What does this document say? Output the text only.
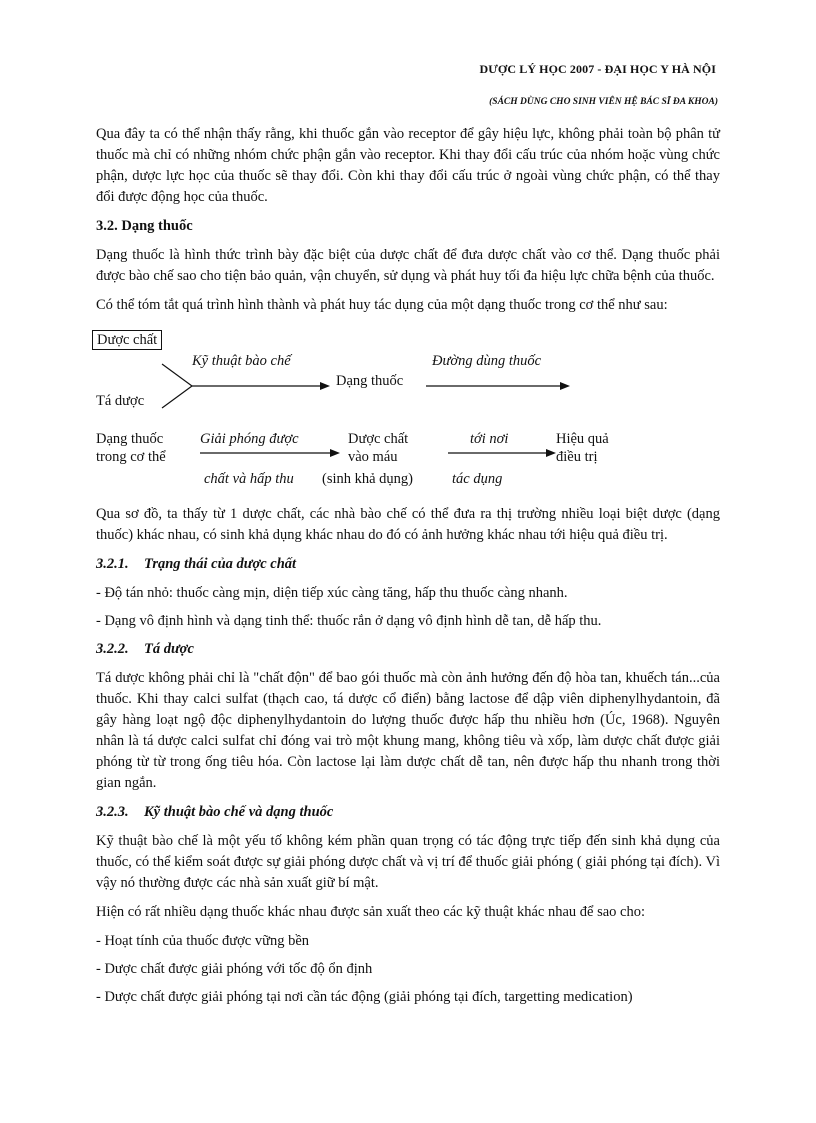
DƯỢC LÝ HỌC 2007 - ĐẠI HỌC Y HÀ NỘI
(SÁCH DÙNG CHO SINH VIÊN HỆ BÁC SĨ ĐA KHOA)

Qua đây ta có thể nhận thấy rằng, khi thuốc gắn vào receptor để gây hiệu lực, không phải toàn bộ phân tử thuốc mà chỉ có những nhóm chức phận gắn vào receptor. Khi thay đổi cấu trúc của nhóm hoặc vùng chức phận, dược lực học của thuốc sẽ thay đổi. Còn khi thay đổi cấu trúc ở ngoài vùng chức phận, có thể thay đổi được động học của thuốc.

3.2. Dạng thuốc

Dạng thuốc là hình thức trình bày đặc biệt của dược chất để đưa dược chất vào cơ thể. Dạng thuốc phải được bào chế sao cho tiện bảo quản, vận chuyển, sử dụng và phát huy tối đa hiệu lực chữa bệnh của thuốc.

Có thể tóm tắt quá trình hình thành và phát huy tác dụng của một dạng thuốc trong cơ thể như sau:

Dược chất
Tá dược
Kỹ thuật bào chế
Dạng thuốc
Đường dùng thuốc
Dạng thuốc
trong cơ thể
Giải phóng được
chất và hấp thu
Dược chất
vào máu
(sinh khả dụng)
tới nơi
tác dụng
Hiệu quả
điều trị

Qua sơ đồ, ta thấy từ 1 dược chất, các nhà bào chế có thể đưa ra thị trường nhiều loại biệt dược (dạng thuốc) khác nhau, có sinh khả dụng khác nhau do đó có ảnh hưởng khác nhau tới hiệu quả điều trị.

3.2.1. Trạng thái của dược chất
- Độ tán nhỏ: thuốc càng mịn, diện tiếp xúc càng tăng, hấp thu thuốc càng nhanh.
- Dạng vô định hình và dạng tinh thể: thuốc rắn ở dạng vô định hình dễ tan, dễ hấp thu.
3.2.2. Tá dược

Tá dược không phải chỉ là "chất độn" để bao gói thuốc mà còn ảnh hưởng đến độ hòa tan, khuếch tán...của thuốc. Khi thay calci sulfat (thạch cao, tá dược cổ điển) bằng lactose để dập viên diphenylhydantoin, đã gây hàng loạt ngộ độc diphenylhydantoin do lượng thuốc được hấp thu nhiều hơn (Úc, 1968). Nguyên nhân là tá dược calci sulfat chỉ đóng vai trò một khung mang, không tiêu và xốp, làm dược chất được giải phóng từ từ trong ống tiêu hóa. Còn lactose lại làm dược chất dễ tan, nên được hấp thu nhanh trong thời gian ngắn.

3.2.3. Kỹ thuật bào chế và dạng thuốc

Kỹ thuật bào chế là một yếu tố không kém phần quan trọng có tác động trực tiếp đến sinh khả dụng của thuốc, có thể kiểm soát được sự giải phóng dược chất và vị trí để thuốc giải phóng ( giải phóng tại đích). Vì vậy nó thường được các nhà sản xuất giữ bí mật.

Hiện có rất nhiều dạng thuốc khác nhau được sản xuất theo các kỹ thuật khác nhau để sao cho:

- Hoạt tính của thuốc được vững bền
- Dược chất được giải phóng với tốc độ ổn định
- Dược chất được giải phóng tại nơi cần tác động (giải phóng tại đích, targetting medication)
